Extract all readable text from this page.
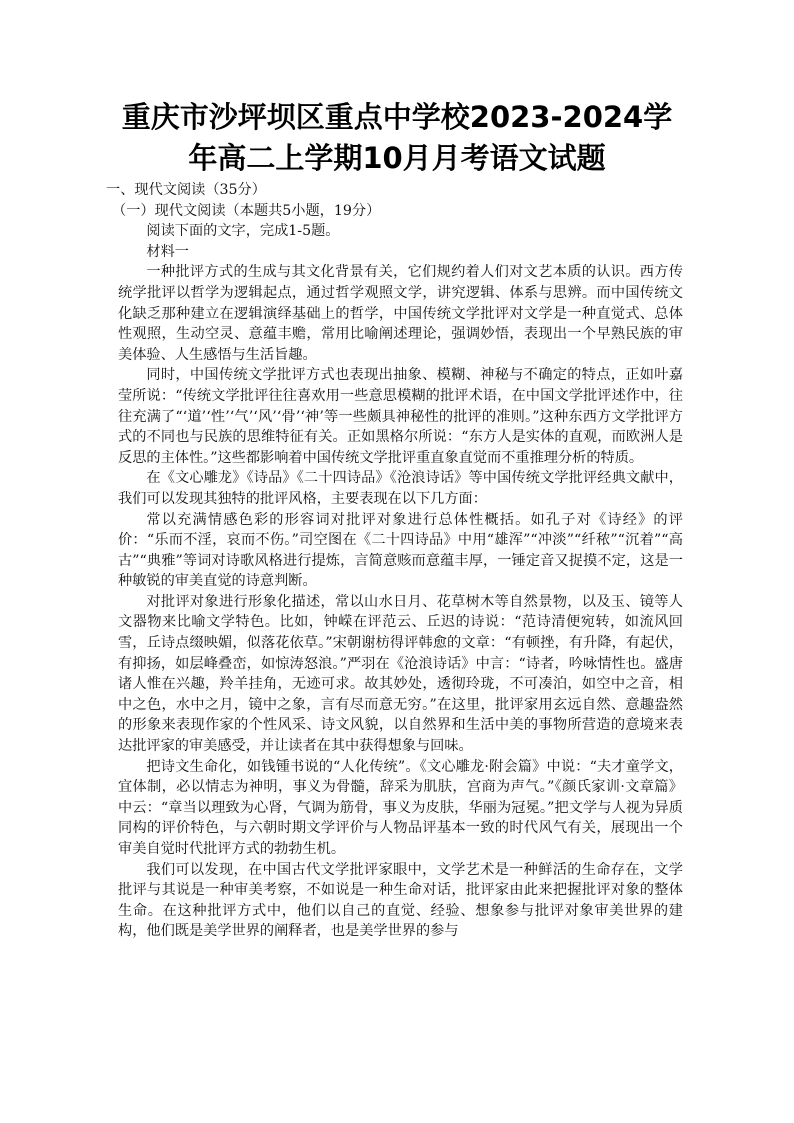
重庆市沙坪坝区重点中学校2023-2024学
年高二上学期10月月考语文试题

一、现代文阅读（35分）

（一）现代文阅读（本题共5小题，19分）

阅读下面的文字，完成1-5题。

材料一

一种批评方式的生成与其文化背景有关，它们规约着人们对文艺本质的认识。西方传统学批评以哲学为逻辑起点，通过哲学观照文学，讲究逻辑、体系与思辨。而中国传统文化缺乏那种建立在逻辑演绎基础上的哲学，中国传统文学批评对文学是一种直觉式、总体性观照，生动空灵、意蕴丰赡，常用比喻阐述理论，强调妙悟，表现出一个早熟民族的审美体验、人生感悟与生活旨趣。

同时，中国传统文学批评方式也表现出抽象、模糊、神秘与不确定的特点，正如叶嘉莹所说：“传统文学批评往往喜欢用一些意思模糊的批评术语，在中国文学批评述作中，往往充满了“‘道’‘性’‘气’‘风’‘骨’‘神’等一些颇具神秘性的批评的准则。”这种东西方文学批评方式的不同也与民族的思维特征有关。正如黑格尔所说：“东方人是实体的直观，而欧洲人是反思的主体性。”这些都影响着中国传统文学批评重直象直觉而不重推理分析的特质。

在《文心雕龙》《诗品》《二十四诗品》《沧浪诗话》等中国传统文学批评经典文献中，我们可以发现其独特的批评风格，主要表现在以下几方面：

常以充满情感色彩的形容词对批评对象进行总体性概括。如孔子对《诗经》的评价：“乐而不淫，哀而不伤。”司空图在《二十四诗品》中用“雄浑”“冲淡”“纤秾”“沉着”“高古”“典雅”等词对诗歌风格进行提炼，言简意赅而意蕴丰厚，一锤定音又捉摸不定，这是一种敏锐的审美直觉的诗意判断。

对批评对象进行形象化描述，常以山水日月、花草树木等自然景物，以及玉、镜等人文器物来比喻文学特色。比如，钟嵘在评范云、丘迟的诗说：“范诗清便宛转，如流风回雪，丘诗点缀映媚，似落花依草。”宋朝谢枋得评韩愈的文章：“有顿挫，有升降，有起伏，有抑扬，如层峰叠峦，如惊涛怒浪。”严羽在《沧浪诗话》中言：“诗者，吟咏情性也。盛唐诸人惟在兴趣，羚羊挂角，无迹可求。故其妙处，透彻玲珑，不可凑泊，如空中之音，相中之色，水中之月，镜中之象，言有尽而意无穷。”在这里，批评家用玄远自然、意趣盎然的形象来表现作家的个性风采、诗文风貌，以自然界和生活中美的事物所营造的意境来表达批评家的审美感受，并让读者在其中获得想象与回味。

把诗文生命化，如钱锺书说的“人化传统”。《文心雕龙·附会篇》中说：“夫才童学文，宜体制，必以情志为神明，事义为骨髓，辞采为肌肤，宫商为声气。”《颜氏家训·文章篇》中云：“章当以理致为心肾，气调为筋骨，事义为皮肤，华丽为冠冕。”把文学与人视为异质同构的评价特色，与六朝时期文学评价与人物品评基本一致的时代风气有关，展现出一个审美自觉时代批评方式的勃勃生机。

我们可以发现，在中国古代文学批评家眼中，文学艺术是一种鲜活的生命存在，文学批评与其说是一种审美考察，不如说是一种生命对话，批评家由此来把握批评对象的整体生命。在这种批评方式中，他们以自己的直觉、经验、想象参与批评对象审美世界的建构，他们既是美学世界的阐释者，也是美学世界的参与
